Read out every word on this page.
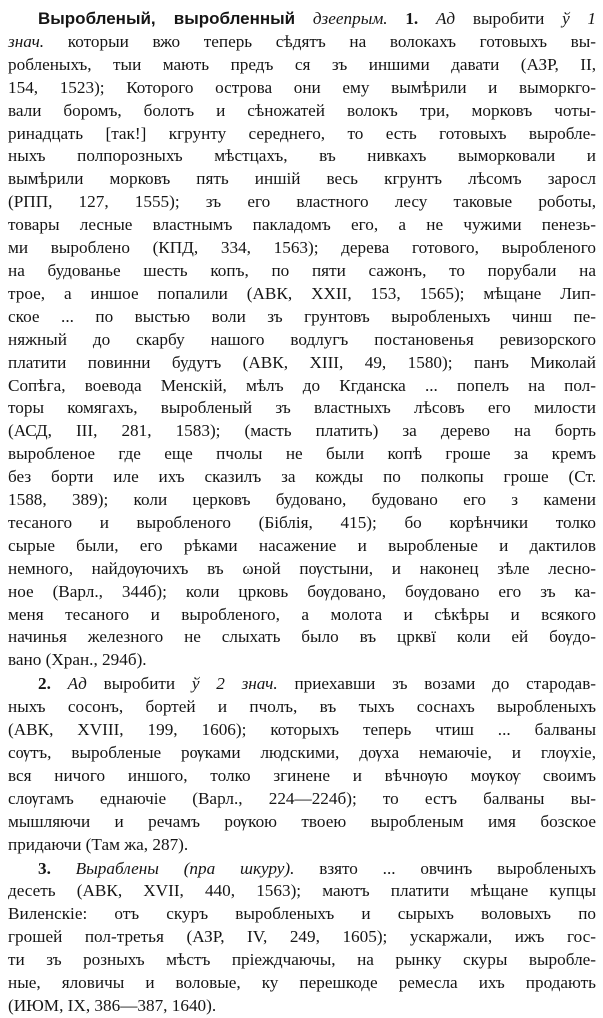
Выробленый, выробленный дзеепрым. 1. Ад выробити ў 1
знач. которыи вжо теперь сѣдятъ на волокахъ готовыхъ вы-
робленыхъ, тыи мають предъ ся зъ иншими давати (АЗР, II,
154, 1523); Которого острова они ему вымѣрили и выморкго-
вали боромъ, болотъ и сѣножатей волокъ три, морковъ чоты-
ринадцать [так!] кгрунту середнего, то есть готовыхъ выробле-
ныхъ полпорозныхъ мѣстцахъ, въ нивкахъ выморковали и
вымѣрили морковъ пять иншій весь кгрунтъ лѣсомъ заросл
(РПП, 127, 1555); зъ его властного лесу таковые роботы,
товары лесные властнымъ пакладомъ его, а не чужими пенезь-
ми выроблено (КПД, 334, 1563); дерева готового, выробленого
на будованье шесть копъ, по пяти сажонъ, то порубали на
трое, а иншое попалили (АВК, XXII, 153, 1565); мѣщане Лип-
ское ... по выстью воли зъ грунтовъ выробленыхъ чинш пе-
няжный до скарбу нашого водлугъ постановенья ревизорского
платити повинни будутъ (АВК, XIII, 49, 1580); панъ Миколай
Сопѣга, воевода Менскій, мѣлъ до Кгданска ... попелъ на пол-
торы комягахъ, выробленый зъ властныхъ лѣсовъ его милости
(АСД, III, 281, 1583); (масть платить) за дерево на борть
выробленое где еще пчолы не были копѣ гроше за кремъ
без борти иле ихъ сказилъ за кожды по полкопы гроше (Ст.
1588, 389); коли церковъ будовано, будовано его з камени
тесаного и выробленого (Біблія, 415); бо корѣнчики толко
сырые были, его рѣками насажение и выробленые и дактилов
немного, найдѹючихъ въ ωной пѹстыни, и наконец зѣле лесно-
ное (Варл., 344б); коли црковь бѹдовано, бѹдовано его зъ ка-
меня тесаного и выробленого, а молота и сѣкѣры и всякого
начинья железного не слыхать было въ црквї коли ей бѹдо-
вано (Хран., 294б).

2. Ад выробити ў 2 знач. приехавши зъ возами до стародав-
ныхъ сосонъ, бортей и пчолъ, въ тыхъ соснахъ выробленыхъ
(АВК, XVIII, 199, 1606); которыхъ теперь чтиш ... балваны
сѹтъ, выробленые рѹками людскими, дѹха немаючіе, и глѹхіе,
вся ничого иншого, толко згинене и вѣчнѹю мѹкѹ своимъ
слѹгамъ еднаючіе (Варл., 224—224б); то естъ балваны вы-
мышляючи и речамъ рѹкою твоею выробленым имя бозское
придаючи (Там жа, 287).

3. Выраблены (пра шкуру). взято ... овчинъ выробленыхъ
десеть (АВК, XVII, 440, 1563); маютъ платити мѣщане купцы
Виленскіе: отъ скуръ выробленыхъ и сырыхъ воловыхъ по
грошей пол-третья (АЗР, IV, 249, 1605); ускаржали, ижъ гос-
ти зъ розныхъ мѣстъ пріеждчаючы, на рынку скуры выробле-
ные, яловичы и воловые, ку перешкоде ремесла ихъ продають
(ИЮМ, IX, 386—387, 1640).
